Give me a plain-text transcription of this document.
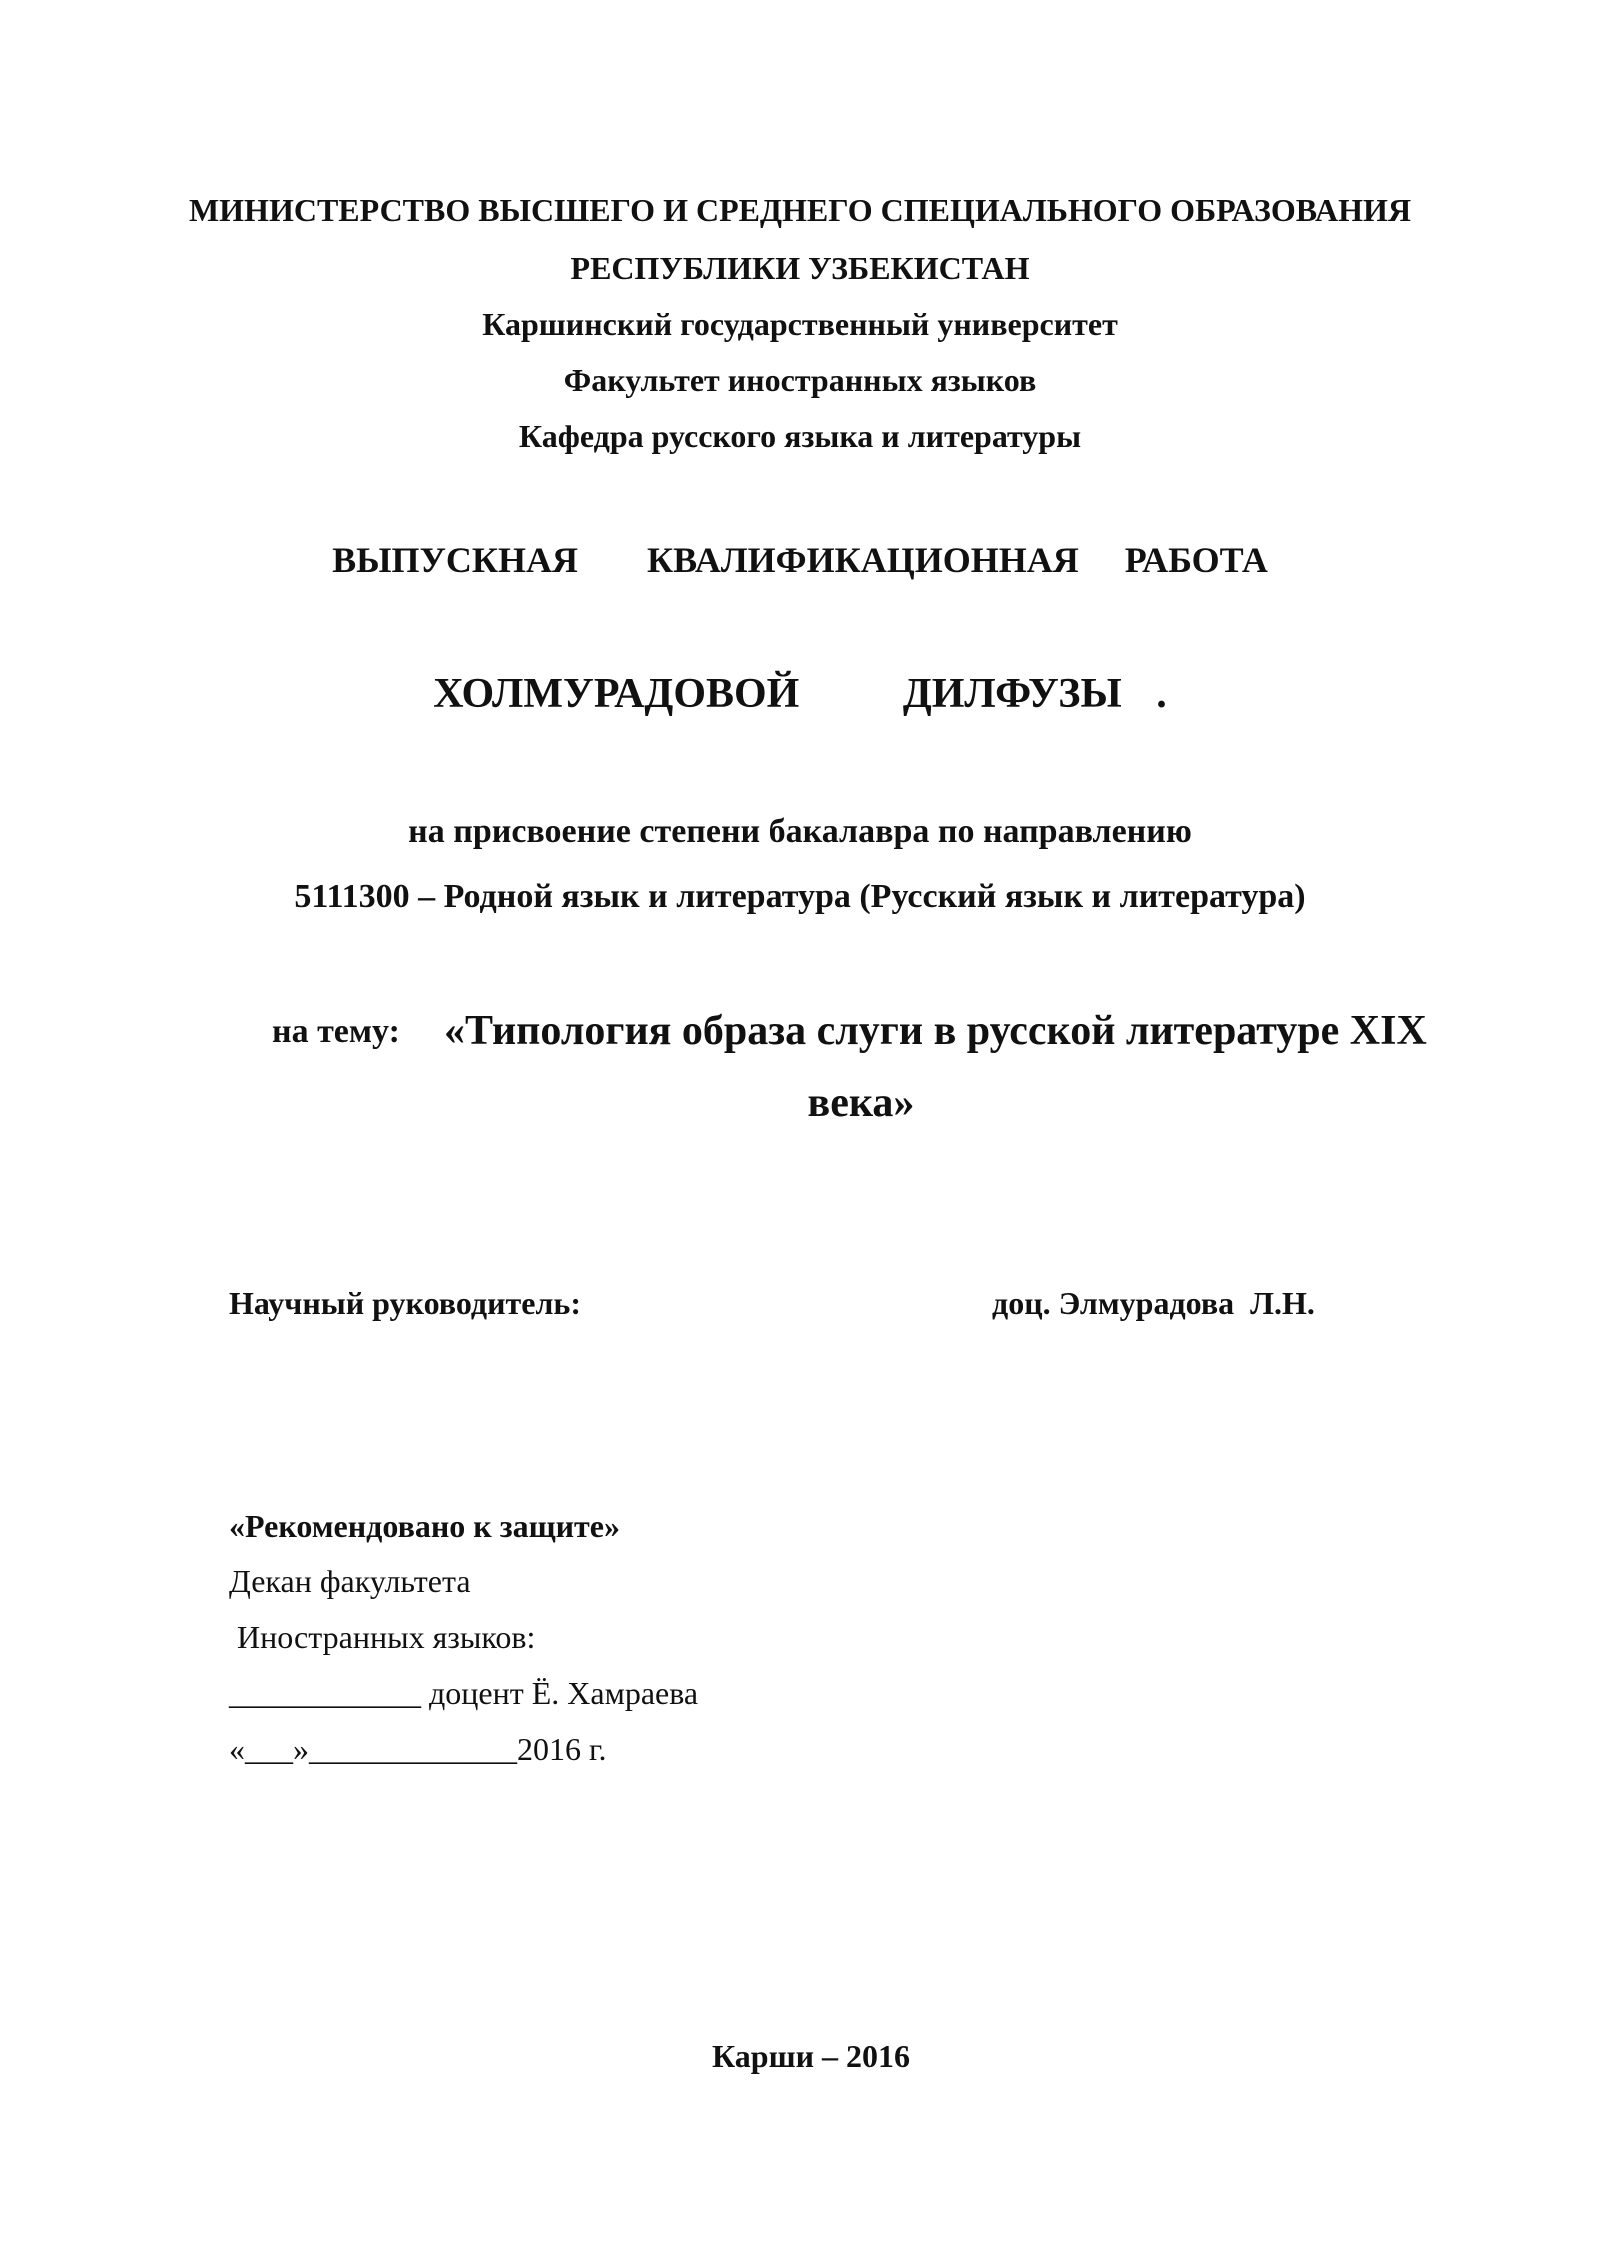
МИНИСТЕРСТВО ВЫСШЕГО И СРЕДНЕГО СПЕЦИАЛЬНОГО ОБРАЗОВАНИЯ
РЕСПУБЛИКИ УЗБЕКИСТАН
Каршинский государственный университет
Факультет иностранных языков
Кафедра русского языка и литературы
ВЫПУСКНАЯ   КВАЛИФИКАЦИОННАЯ  РАБОТА
ХОЛМУРАДОВОЙ   ДИЛФУЗЫ .
на присвоение степени бакалавра по направлению
5111300 – Родной язык и литература (Русский язык и литература)
на тему: «Типология образа слуги в русской литературе XIX
века»
Научный руководитель:	доц. Элмурадова  Л.Н.
«Рекомендовано к защите»
Декан факультета
Иностранных языков:
____________ доцент Ё. Хамраева
«___»_____________2016 г.
Карши – 2016
